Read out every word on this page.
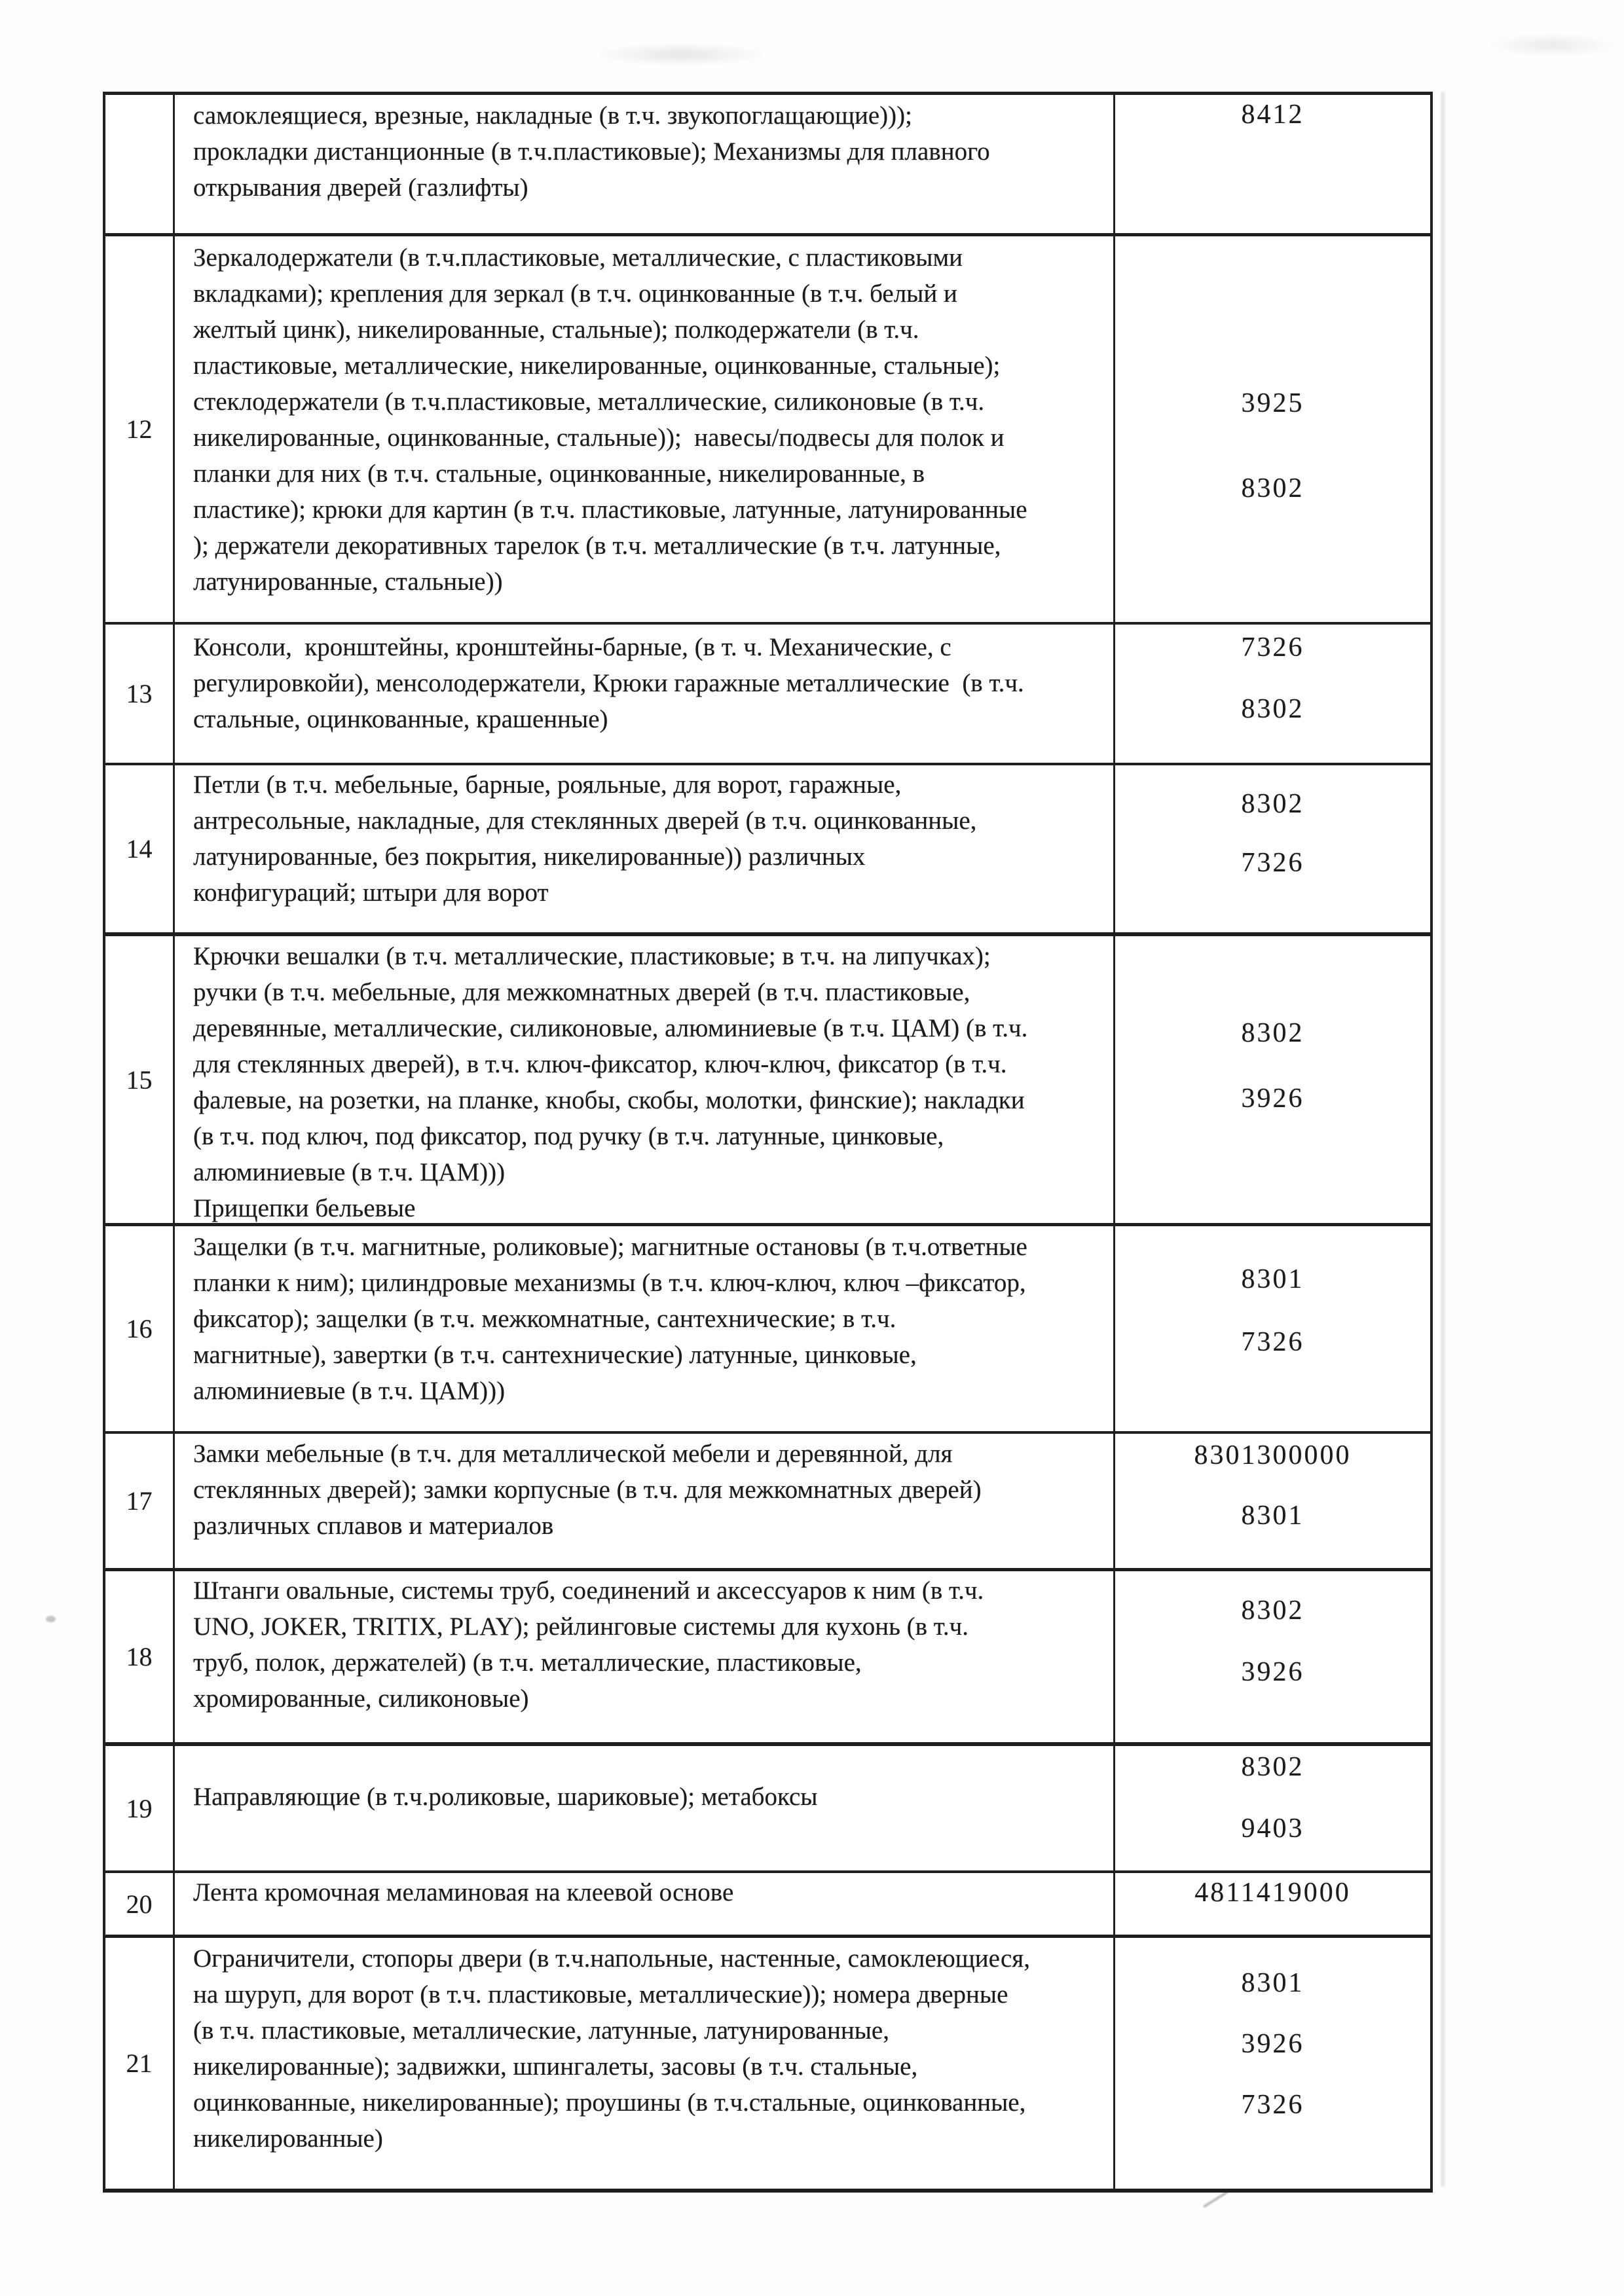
самоклеящиеся, врезные, накладные (в т.ч. звукопоглащающие)));
прокладки дистанционные (в т.ч.пластиковые); Механизмы для плавного
открывания дверей (газлифты)
8412
12
Зеркалодержатели (в т.ч.пластиковые, металлические, с пластиковыми
вкладками); крепления для зеркал (в т.ч. оцинкованные (в т.ч. белый и
желтый цинк), никелированные, стальные); полкодержатели (в т.ч.
пластиковые, металлические, никелированные, оцинкованные, стальные);
стеклодержатели (в т.ч.пластиковые, металлические, силиконовые (в т.ч.
никелированные, оцинкованные, стальные));  навесы/подвесы для полок и
планки для них (в т.ч. стальные, оцинкованные, никелированные, в
пластике); крюки для картин (в т.ч. пластиковые, латунные, латунированные
); держатели декоративных тарелок (в т.ч. металлические (в т.ч. латунные,
латунированные, стальные))
3925
8302
13
Консоли,  кронштейны, кронштейны-барные, (в т. ч. Механические, с
регулировкойи), менсолодержатели, Крюки гаражные металлические  (в т.ч.
стальные, оцинкованные, крашенные)
7326
8302
14
Петли (в т.ч. мебельные, барные, рояльные, для ворот, гаражные,
антресольные, накладные, для стеклянных дверей (в т.ч. оцинкованные,
латунированные, без покрытия, никелированные)) различных
конфигураций; штыри для ворот
8302
7326
15
Крючки вешалки (в т.ч. металлические, пластиковые; в т.ч. на липучках);
ручки (в т.ч. мебельные, для межкомнатных дверей (в т.ч. пластиковые,
деревянные, металлические, силиконовые, алюминиевые (в т.ч. ЦАМ) (в т.ч.
для стеклянных дверей), в т.ч. ключ-фиксатор, ключ-ключ, фиксатор (в т.ч.
фалевые, на розетки, на планке, кнобы, скобы, молотки, финские); накладки
(в т.ч. под ключ, под фиксатор, под ручку (в т.ч. латунные, цинковые,
алюминиевые (в т.ч. ЦАМ)))
Прищепки бельевые
8302
3926
16
Защелки (в т.ч. магнитные, роликовые); магнитные остановы (в т.ч.ответные
планки к ним); цилиндровые механизмы (в т.ч. ключ-ключ, ключ –фиксатор,
фиксатор); защелки (в т.ч. межкомнатные, сантехнические; в т.ч.
магнитные), завертки (в т.ч. сантехнические) латунные, цинковые,
алюминиевые (в т.ч. ЦАМ)))
8301
7326
17
Замки мебельные (в т.ч. для металлической мебели и деревянной, для
стеклянных дверей); замки корпусные (в т.ч. для межкомнатных дверей)
различных сплавов и материалов
8301300000
8301
18
Штанги овальные, системы труб, соединений и аксессуаров к ним (в т.ч.
UNO, JOKER, TRITIX, PLAY); рейлинговые системы для кухонь (в т.ч.
труб, полок, держателей) (в т.ч. металлические, пластиковые,
хромированные, силиконовые)
8302
3926
19 Направляющие (в т.ч.роликовые, шариковые); метабоксы
8302
9403
20 Лента кромочная меламиновая на клеевой основе	4811419000
21
Ограничители, стопоры двери (в т.ч.напольные, настенные, самоклеющиеся,
на шуруп, для ворот (в т.ч. пластиковые, металлические)); номера дверные
(в т.ч. пластиковые, металлические, латунные, латунированные,
никелированные); задвижки, шпингалеты, засовы (в т.ч. стальные,
оцинкованные, никелированные); проушины (в т.ч.стальные, оцинкованные,
никелированные)
8301
3926
7326
